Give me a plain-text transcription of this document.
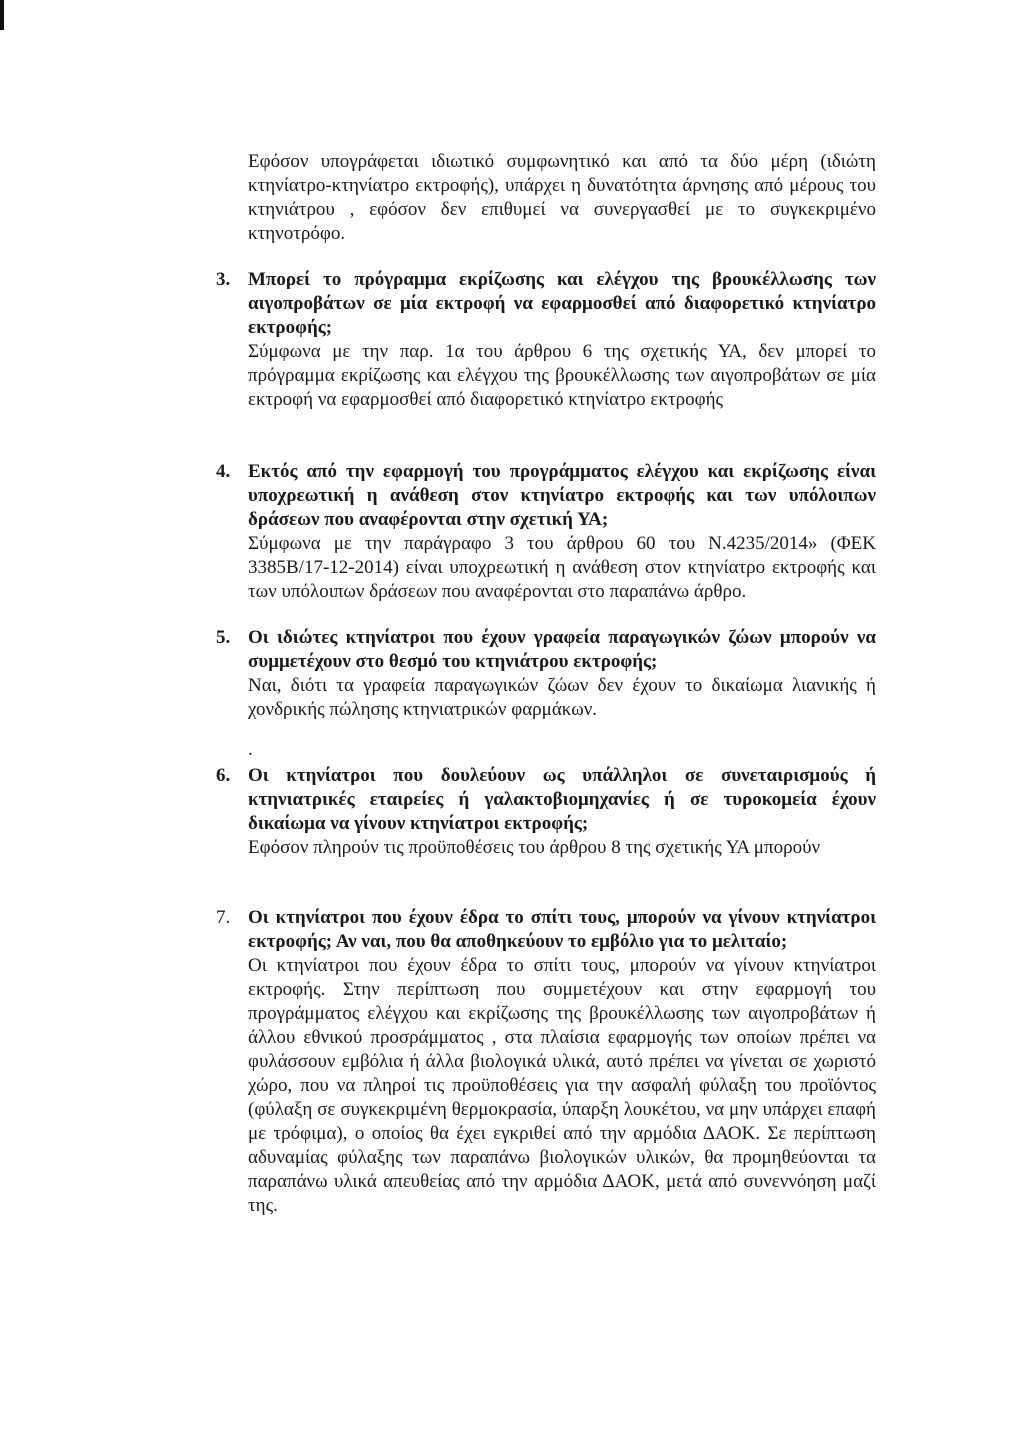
Εφόσον υπογράφεται ιδιωτικό συμφωνητικό και από τα δύο μέρη (ιδιώτη κτηνίατρο-κτηνίατρο εκτροφής), υπάρχει η δυνατότητα άρνησης από μέρους του κτηνιάτρου , εφόσον δεν επιθυμεί να συνεργασθεί με το συγκεκριμένο κτηνοτρόφο.

3. Μπορεί το πρόγραμμα εκρίζωσης και ελέγχου της βρουκέλλωσης των αιγοπροβάτων σε μία εκτροφή να εφαρμοσθεί από διαφορετικό κτηνίατρο εκτροφής;

Σύμφωνα με την παρ. 1α του άρθρου 6 της σχετικής ΥΑ, δεν μπορεί το πρόγραμμα εκρίζωσης και ελέγχου της βρουκέλλωσης των αιγοπροβάτων σε μία εκτροφή να εφαρμοσθεί από διαφορετικό κτηνίατρο εκτροφής

4. Εκτός από την εφαρμογή του προγράμματος ελέγχου και εκρίζωσης είναι υποχρεωτική η ανάθεση στον κτηνίατρο εκτροφής και των υπόλοιπων δράσεων που αναφέρονται στην σχετική ΥΑ;

Σύμφωνα με την παράγραφο 3 του άρθρου 60 του Ν.4235/2014» (ΦΕΚ 3385Β/17-12-2014) είναι υποχρεωτική η ανάθεση στον κτηνίατρο εκτροφής και των υπόλοιπων δράσεων που αναφέρονται στο παραπάνω άρθρο.

5. Οι ιδιώτες κτηνίατροι που έχουν γραφεία παραγωγικών ζώων μπορούν να συμμετέχουν στο θεσμό του κτηνιάτρου εκτροφής;

Ναι, διότι τα γραφεία παραγωγικών ζώων δεν έχουν το δικαίωμα λιανικής ή χονδρικής πώλησης κτηνιατρικών φαρμάκων.

.
6. Οι κτηνίατροι που δουλεύουν ως υπάλληλοι σε συνεταιρισμούς ή κτηνιατρικές εταιρείες ή γαλακτοβιομηχανίες ή σε τυροκομεία έχουν δικαίωμα να γίνουν κτηνίατροι εκτροφής;

Εφόσον πληρούν τις προϋποθέσεις του άρθρου 8 της σχετικής ΥΑ μπορούν

7. Οι κτηνίατροι που έχουν έδρα το σπίτι τους, μπορούν να γίνουν κτηνίατροι εκτροφής; Αν ναι, που θα αποθηκεύουν το εμβόλιο για το μελιταίο;

Οι κτηνίατροι που έχουν έδρα το σπίτι τους, μπορούν να γίνουν κτηνίατροι εκτροφής. Στην περίπτωση που συμμετέχουν και στην εφαρμογή του προγράμματος ελέγχου και εκρίζωσης της βρουκέλλωσης των αιγοπροβάτων ή άλλου εθνικού προσράμματος , στα πλαίσια εφαρμογής των οποίων πρέπει να φυλάσσουν εμβόλια ή άλλα βιολογικά υλικά, αυτό πρέπει να γίνεται σε χωριστό χώρο, που να πληροί τις προϋποθέσεις για την ασφαλή φύλαξη του προϊόντος (φύλαξη σε συγκεκριμένη θερμοκρασία, ύπαρξη λουκέτου, να μην υπάρχει επαφή με τρόφιμα), ο οποίος θα έχει εγκριθεί από την αρμόδια ΔΑΟΚ. Σε περίπτωση αδυναμίας φύλαξης των παραπάνω βιολογικών υλικών, θα προμηθεύονται τα παραπάνω υλικά απευθείας από την αρμόδια ΔΑΟΚ, μετά από συνεννόηση μαζί της.
